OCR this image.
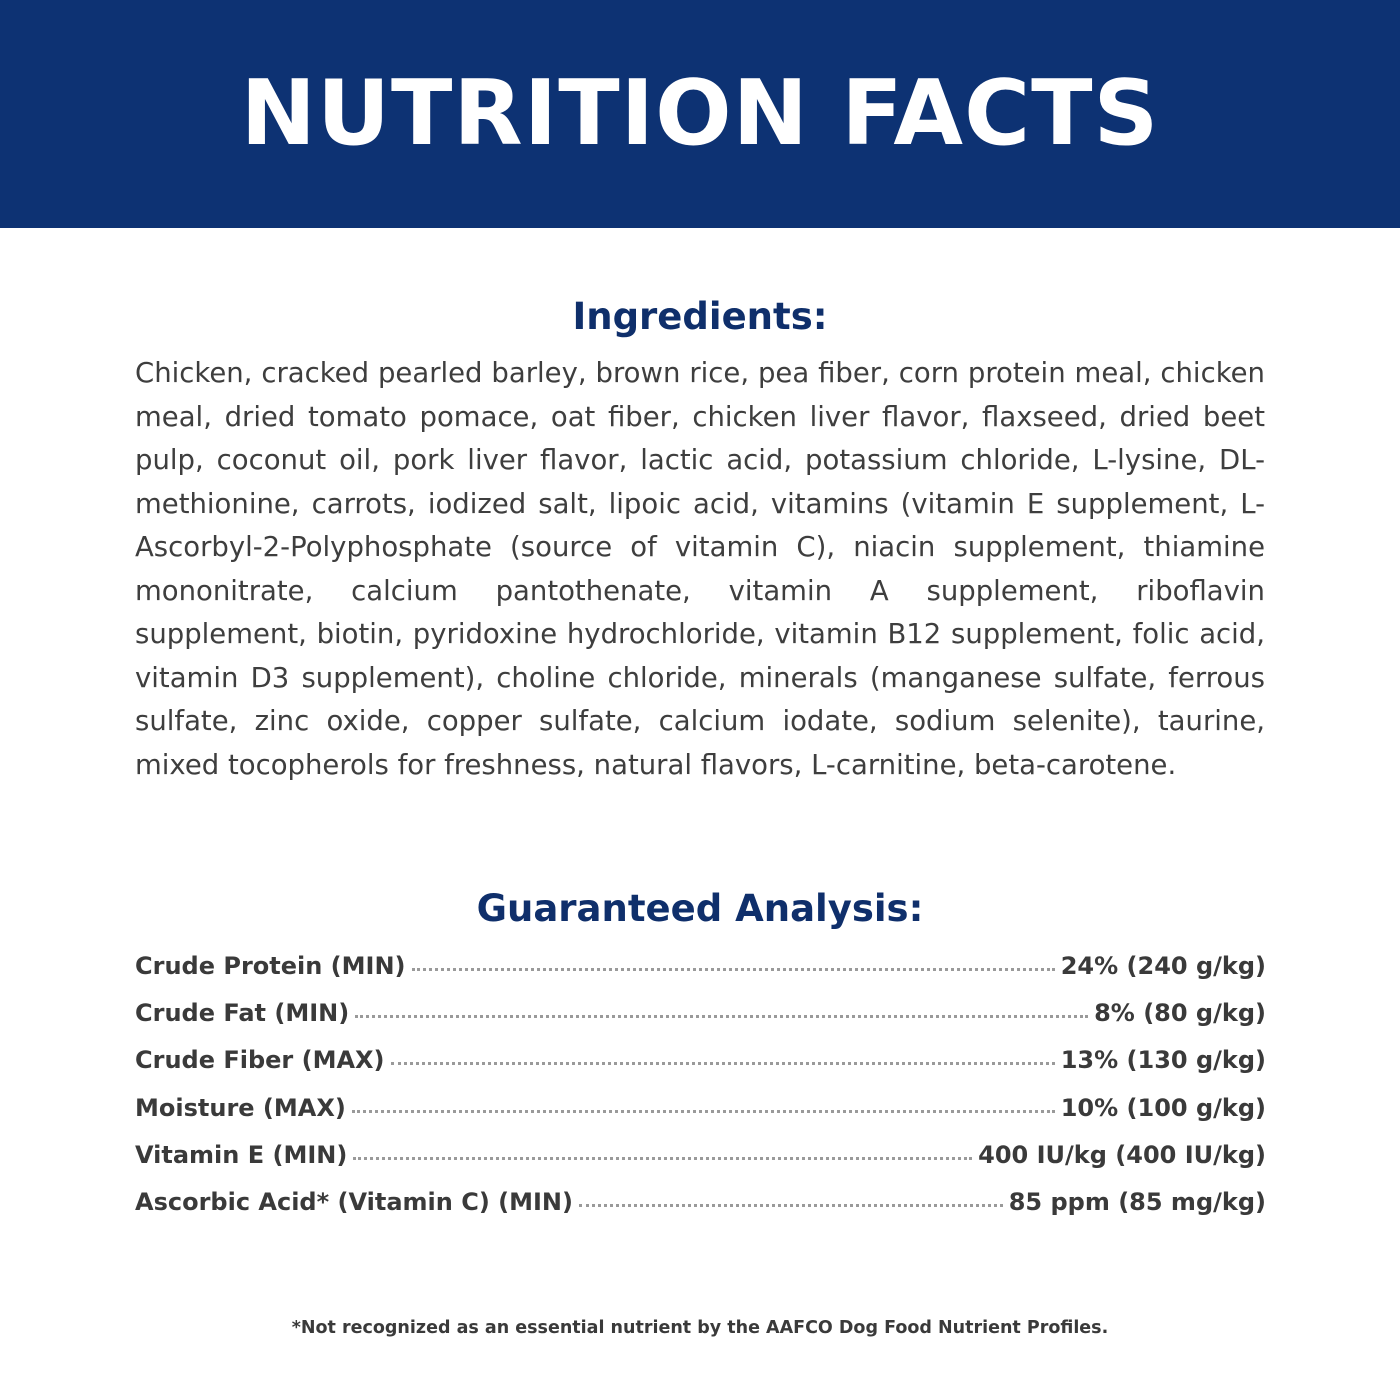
NUTRITION FACTS
Ingredients:

Chicken, cracked pearled barley, brown rice, pea fiber, corn protein meal, chicken meal, dried tomato pomace, oat fiber, chicken liver flavor, flaxseed, dried beet pulp, coconut oil, pork liver flavor, lactic acid, potassium chloride, L-lysine, DL-methionine, carrots, iodized salt, lipoic acid, vitamins (vitamin E supplement, L-Ascorbyl-2-Polyphosphate (source of vitamin C), niacin supplement, thiamine mononitrate, calcium pantothenate, vitamin A supplement, riboflavin supplement, biotin, pyridoxine hydrochloride, vitamin B12 supplement, folic acid, vitamin D3 supplement), choline chloride, minerals (manganese sulfate, ferrous sulfate, zinc oxide, copper sulfate, calcium iodate, sodium selenite), taurine, mixed tocopherols for freshness, natural flavors, L-carnitine, beta-carotene.

Guaranteed Analysis:
Crude Protein (MIN)	24% (240 g/kg)
Crude Fat (MIN)	8% (80 g/kg)
Crude Fiber (MAX)	13% (130 g/kg)
Moisture (MAX)	10% (100 g/kg)
Vitamin E (MIN)	400 IU/kg (400 IU/kg)
Ascorbic Acid* (Vitamin C) (MIN)	85 ppm (85 mg/kg)

*Not recognized as an essential nutrient by the AAFCO Dog Food Nutrient Profiles.
